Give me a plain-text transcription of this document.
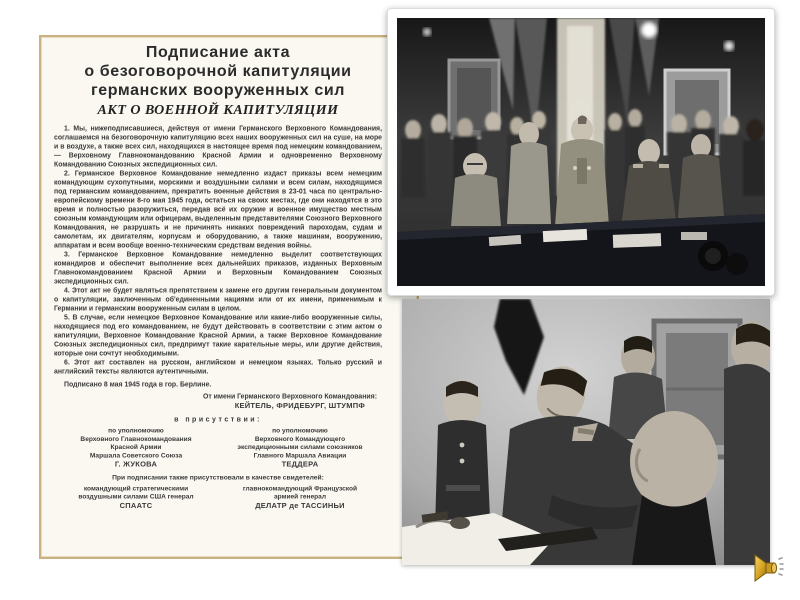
Подписание акта
о безоговорочной капитуляции
германских вооруженных сил
АКТ О ВОЕННОЙ КАПИТУЛЯЦИИ

1. Мы, нижеподписавшиеся, действуя от имени Германского Верховного Командования, соглашаемся на безоговорочную капитуляцию всех наших вооруженных сил на суше, на море и в воздухе, а также всех сил, находящихся в настоящее время под немецким командованием, — Верховному Главнокомандованию Красной Армии и одновременно Верховному Командованию Союзных экспедиционных сил.

2. Германское Верховное Командование немедленно издаст приказы всем немецким командующим сухопутными, морскими и воздушными силами и всем силам, находящимся под германским командованием, прекратить военные действия в 23-01 часа по центрально-европейскому времени 8-го мая 1945 года, остаться на своих местах, где они находятся в это время и полностью разоружиться, передав всё их оружие и военное имущество местным союзным командующим или офицерам, выделенным представителями Союзного Верховного Командования, не разрушать и не причинять никаких повреждений пароходам, судам и самолетам, их двигателям, корпусам и оборудованию, а также машинам, вооружению, аппаратам и всем вообще военно-техническим средствам ведения войны.

3. Германское Верховное Командование немедленно выделит соответствующих командиров и обеспечит выполнение всех дальнейших приказов, изданных Верховным Главнокомандованием Красной Армии и Верховным Командованием Союзных экспедиционных сил.

4. Этот акт не будет являться препятствием к замене его другим генеральным документом о капитуляции, заключенным об'единенными нациями или от их имени, применимым к Германии и германским вооруженным силам в целом.

5. В случае, если немецкое Верховное Командование или какие-либо вооруженные силы, находящиеся под его командованием, не будут действовать в соответствии с этим актом о капитуляции, Верховное Командование Красной Армии, а также Верховное Командование Союзных экспедиционных сил, предпримут такие карательные меры, или другие действия, которые они сочтут необходимыми.

6. Этот акт составлен на русском, английском и немецком языках. Только русский и английский тексты являются аутентичными.

Подписано 8 мая 1945 года в гор. Берлине.

От имени Германского Верховного Командования:
КЕЙТЕЛЬ, ФРИДЕБУРГ, ШТУМПФ
в присутствии:
по уполномочию
Верховного Главнокомандования
Красной Армии
Маршала Советского Союза
Г. ЖУКОВА
по уполномочию
Верховного Командующего
экспедиционными силами союзников
Главного Маршала Авиации
ТЕДДЕРА
При подписании также присутствовали в качестве свидетелей:
командующий стратегическими
воздушными силами США генерал
СПААТС
главнокомандующий Французской
армией генерал
ДЕЛАТР де ТАССИНЬИ
